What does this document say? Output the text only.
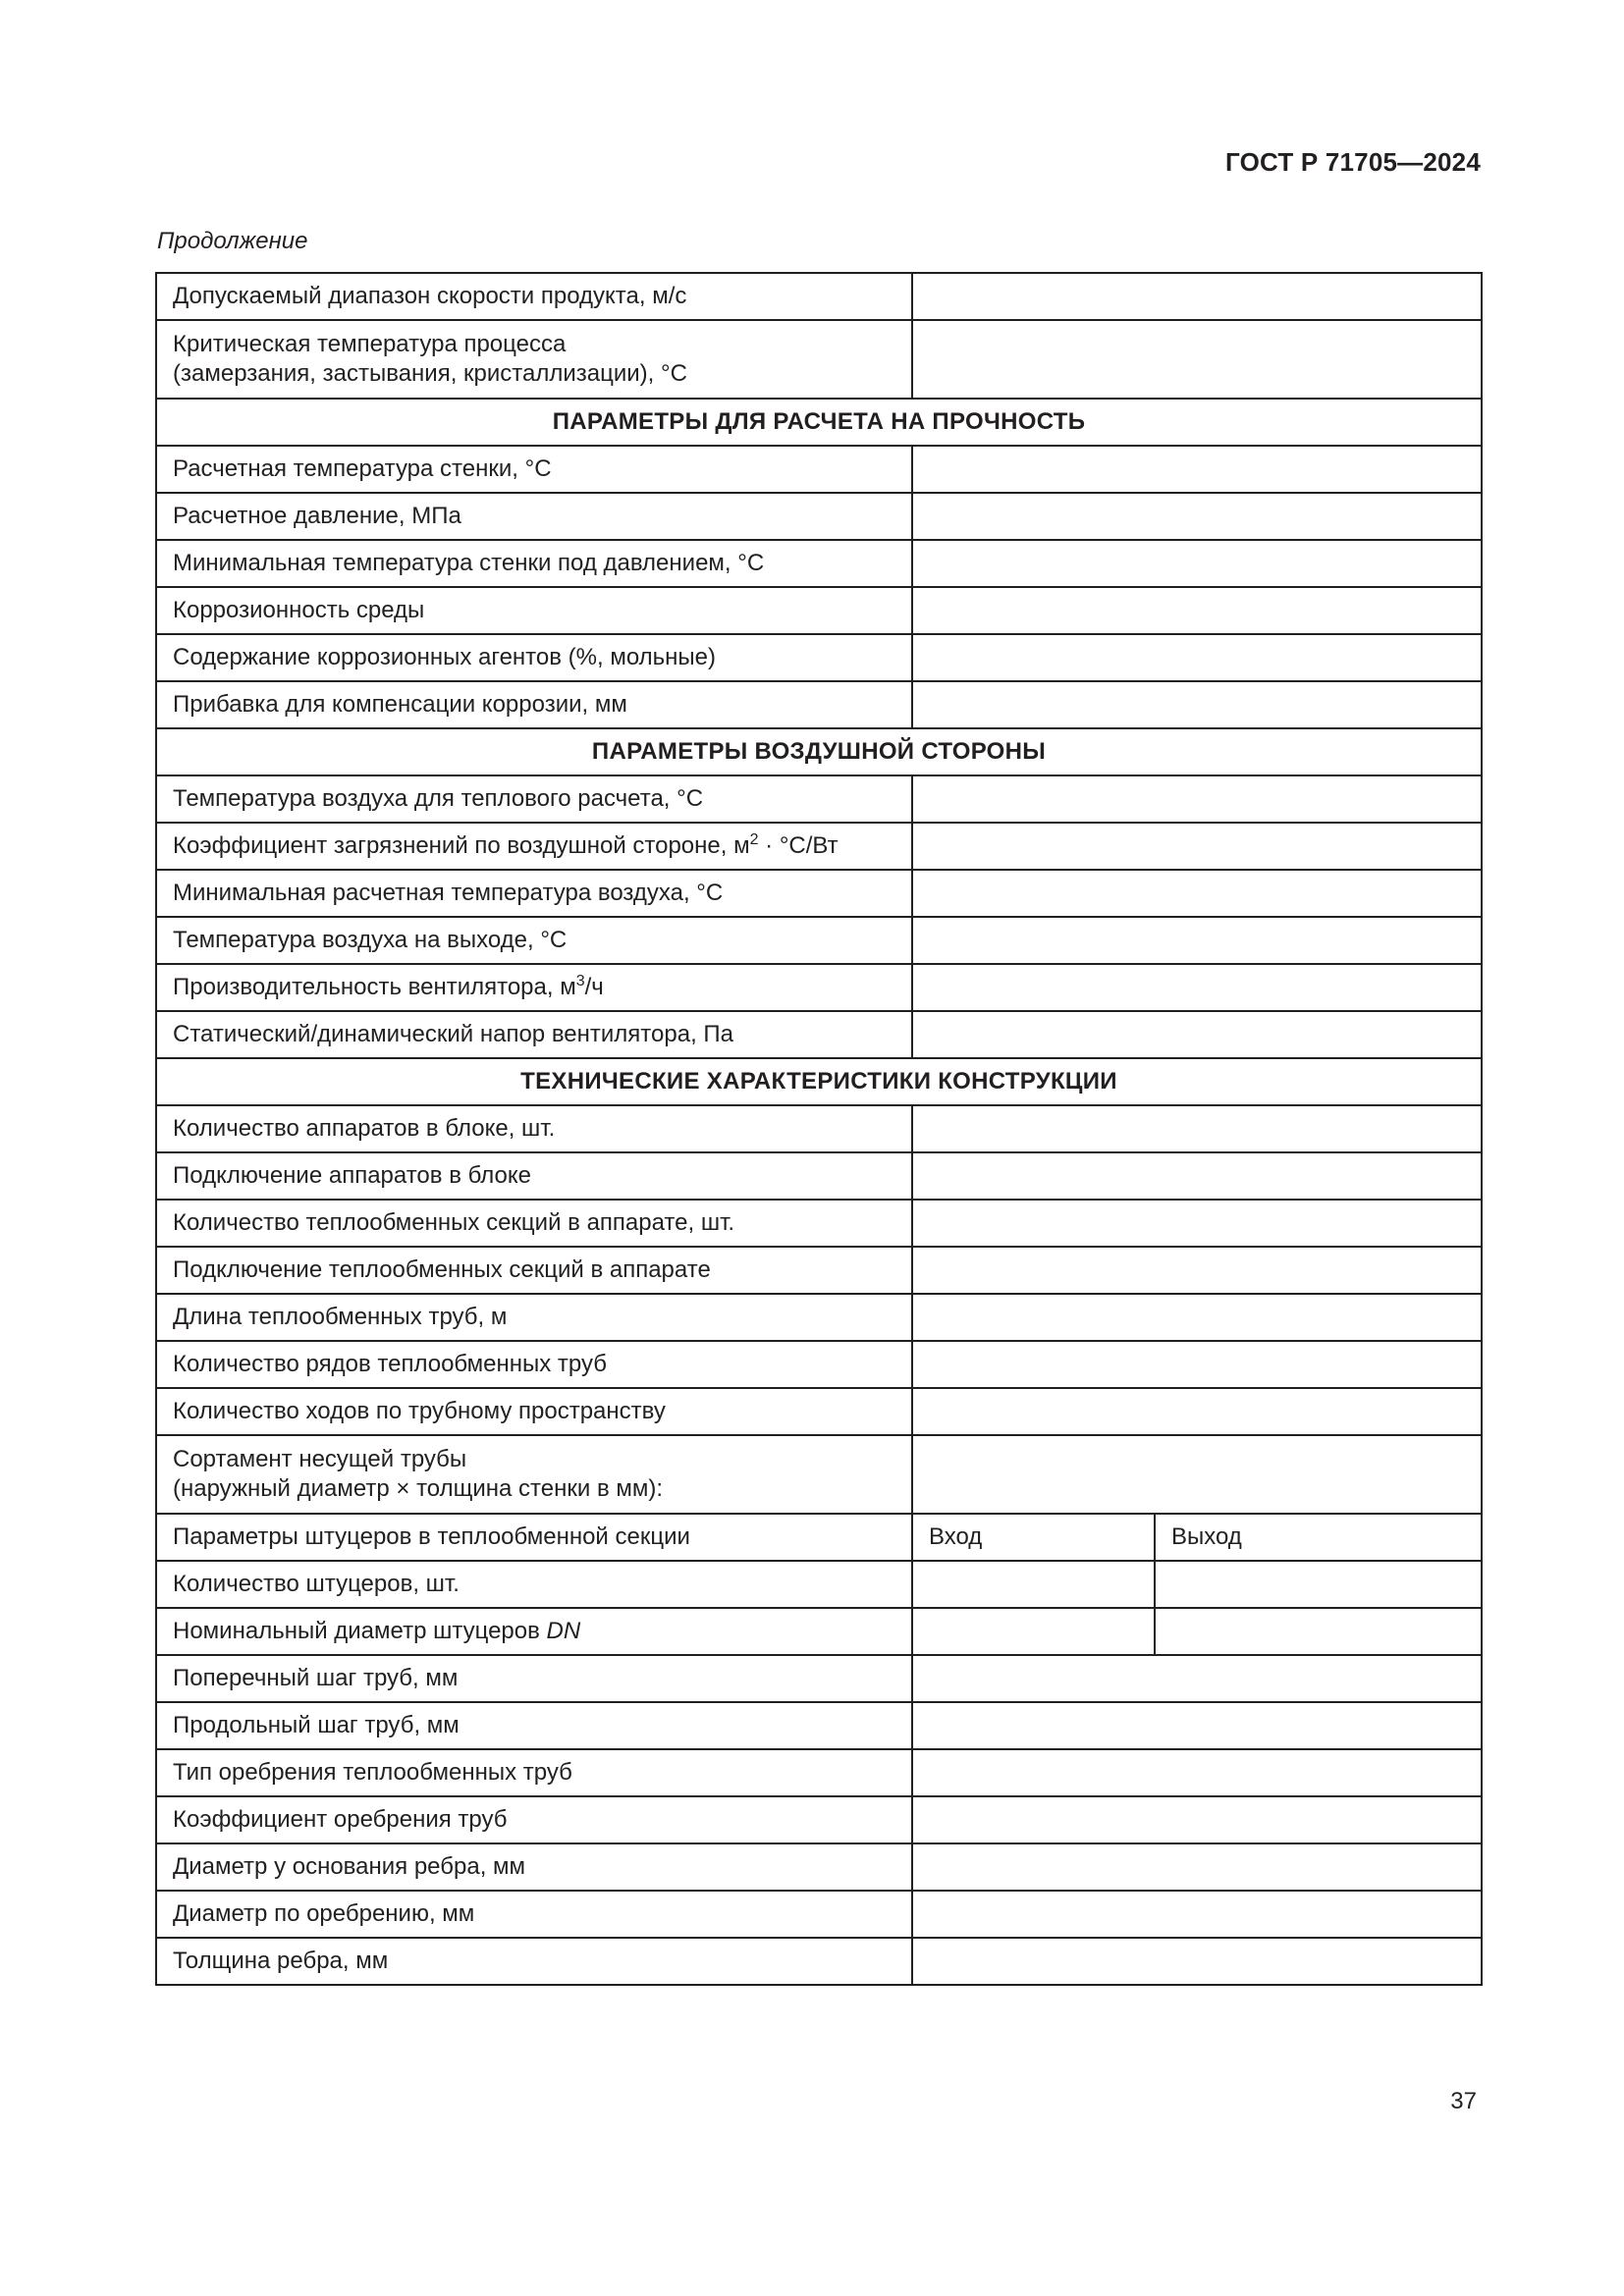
ГОСТ Р 71705—2024
Продолжение
Допускаемый диапазон скорости продукта, м/с		

Критическая температура процесса
(замерзания, застывания, кристаллизации), °С		

ПАРАМЕТРЫ ДЛЯ РАСЧЕТА НА ПРОЧНОСТЬ		
Расчетная температура стенки, °С		
Расчетное давление, МПа		
Минимальная температура стенки под давлением, °С		
Коррозионность среды		
Содержание коррозионных агентов (%, мольные)		
Прибавка для компенсации коррозии, мм		
ПАРАМЕТРЫ ВОЗДУШНОЙ СТОРОНЫ		
Температура воздуха для теплового расчета, °С		
Коэффициент загрязнений по воздушной стороне, $м^2 \cdot ^\circ С/Вт$		
Минимальная расчетная температура воздуха, °С		
Температура воздуха на выходе, °С		
Производительность вентилятора, $м^3/ч$		
Статический/динамический напор вентилятора, Па		
ТЕХНИЧЕСКИЕ ХАРАКТЕРИСТИКИ КОНСТРУКЦИИ		
Количество аппаратов в блоке, шт.		
Подключение аппаратов в блоке		
Количество теплообменных секций в аппарате, шт.		
Подключение теплообменных секций в аппарате		
Длина теплообменных труб, м		
Количество рядов теплообменных труб		
Количество ходов по трубному пространству		

Сортамент несущей трубы
(наружный диаметр × толщина стенки в мм):		

Параметры штуцеров в теплообменной секции	Вход	Выход
Количество штуцеров, шт.		
Номинальный диаметр штуцеров DN		
Поперечный шаг труб, мм		
Продольный шаг труб, мм		
Тип оребрения теплообменных труб		
Коэффициент оребрения труб		
Диаметр у основания ребра, мм		
Диаметр по оребрению, мм		
Толщина ребра, мм		
37
